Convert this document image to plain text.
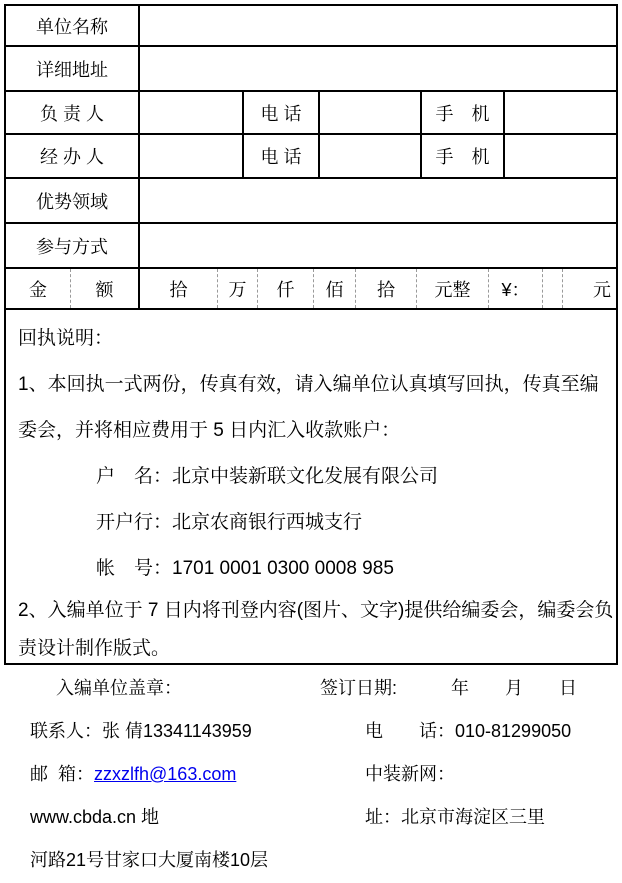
单位名称
详细地址
负 责 人	电 话	手　机
经 办 人	电 话	手　机
优势领域
参与方式
金	额	拾	万	仟	佰	拾	元整	¥：	元
回执说明：
1、本回执一式两份，传真有效，请入编单位认真填写回执，传真至编
委会，并将相应费用于 5 日内汇入收款账户：
户　名：北京中装新联文化发展有限公司
开户行：北京农商银行西城支行
帐　号：1701 0001 0300 0008 985
2、入编单位于 7 日内将刊登内容(图片、文字)提供给编委会，编委会负
责设计制作版式。
入编单位盖章：	签订日期:　　　年　　月　　日
联系人：张 倩13341143959	电　　话：010-81299050
邮  箱：zzxzlfh@163.com	中装新网：
www.cbda.cn 地	址：北京市海淀区三里
河路21号甘家口大厦南楼10层
